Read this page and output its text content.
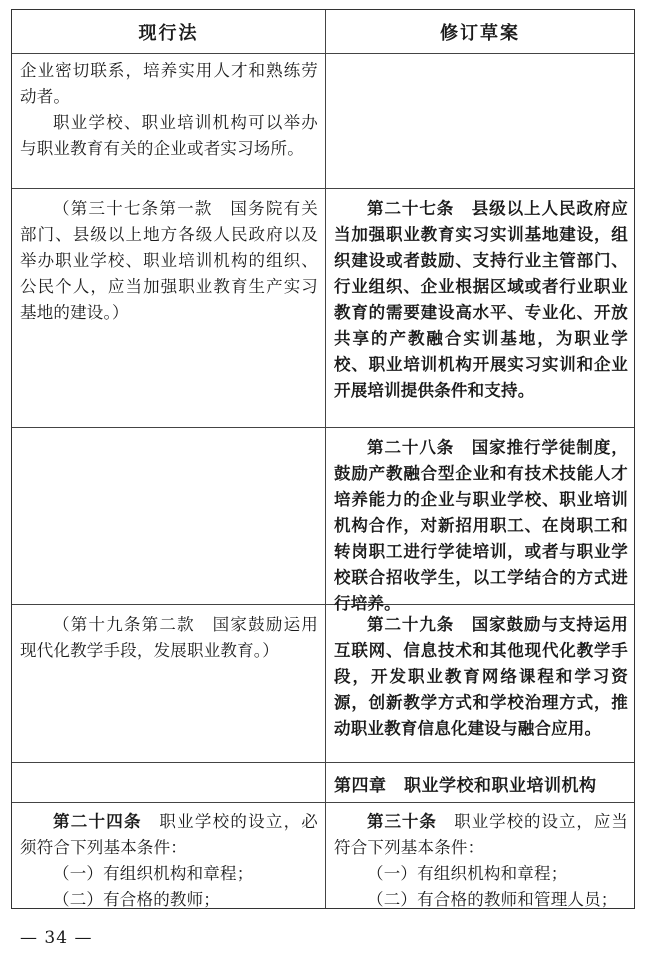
现行法	修订草案

企业密切联系，培养实用人才和熟练劳动者。

职业学校、职业培训机构可以举办与职业教育有关的企业或者实习场所。

（第三十七条第一款　国务院有关部门、县级以上地方各级人民政府以及举办职业学校、职业培训机构的组织、公民个人，应当加强职业教育生产实习基地的建设。）

第二十七条　县级以上人民政府应当加强职业教育实习实训基地建设，组织建设或者鼓励、支持行业主管部门、行业组织、企业根据区域或者行业职业教育的需要建设高水平、专业化、开放共享的产教融合实训基地，为职业学校、职业培训机构开展实习实训和企业开展培训提供条件和支持。

第二十八条　国家推行学徒制度，鼓励产教融合型企业和有技术技能人才培养能力的企业与职业学校、职业培训机构合作，对新招用职工、在岗职工和转岗职工进行学徒培训，或者与职业学校联合招收学生，以工学结合的方式进行培养。

（第十九条第二款　国家鼓励运用现代化教学手段，发展职业教育。）

第二十九条　国家鼓励与支持运用互联网、信息技术和其他现代化教学手段，开发职业教育网络课程和学习资源，创新教学方式和学校治理方式，推动职业教育信息化建设与融合应用。

第四章　职业学校和职业培训机构

第二十四条　职业学校的设立，必须符合下列基本条件：

（一）有组织机构和章程；

（二）有合格的教师；

第三十条　职业学校的设立，应当符合下列基本条件：

（一）有组织机构和章程；

（二）有合格的教师和管理人员；

— 34 —
